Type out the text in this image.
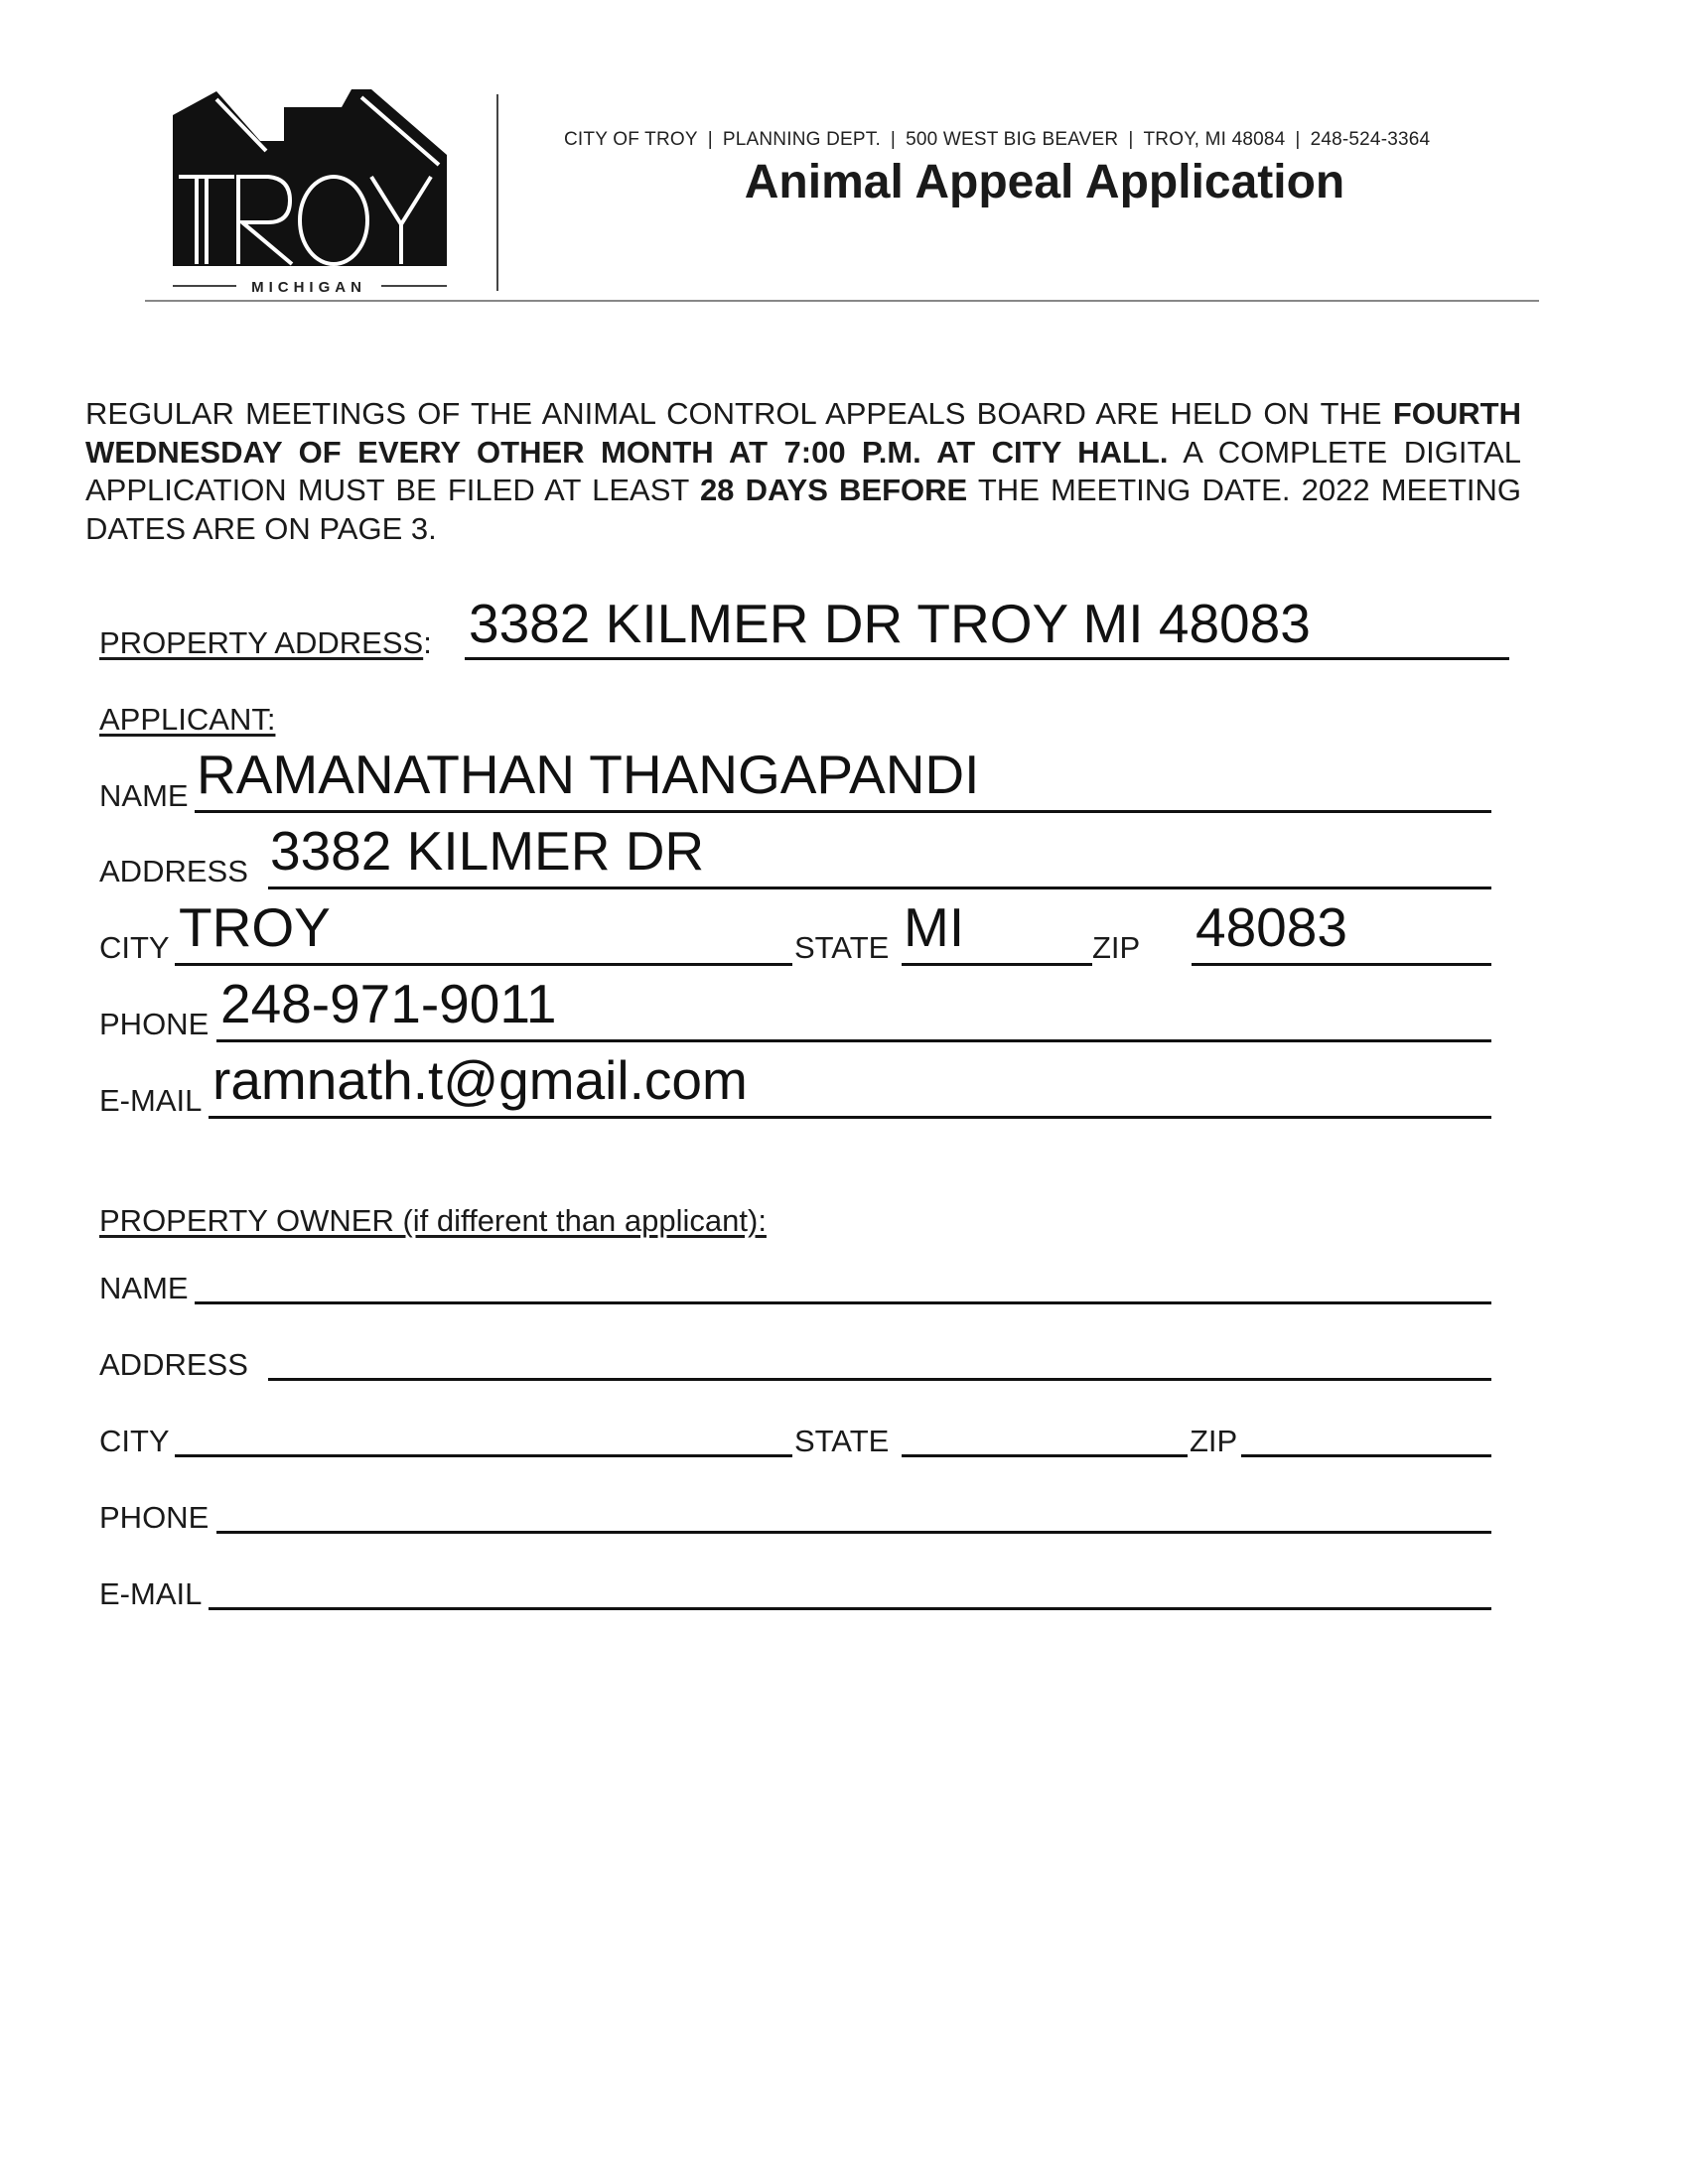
MICHIGAN
CITY OF TROY | PLANNING DEPT. | 500 WEST BIG BEAVER | TROY, MI 48084 | 248-524-3364
Animal Appeal Application
REGULAR MEETINGS OF THE ANIMAL CONTROL APPEALS BOARD ARE HELD ON THE FOURTH WEDNESDAY OF EVERY OTHER MONTH AT 7:00 P.M. AT CITY HALL. A COMPLETE DIGITAL APPLICATION MUST BE FILED AT LEAST 28 DAYS BEFORE THE MEETING DATE. 2022 MEETING DATES ARE ON PAGE 3.
PROPERTY ADDRESS: 3382 KILMER DR TROY MI 48083
APPLICANT:
NAME RAMANATHAN THANGAPANDI
ADDRESS 3382 KILMER DR
CITY TROY	STATE MI	ZIP 48083
PHONE 248-971-9011
E-MAIL ramnath.t@gmail.com
PROPERTY OWNER (if different than applicant):
NAME
ADDRESS
CITY	STATE	ZIP
PHONE
E-MAIL
